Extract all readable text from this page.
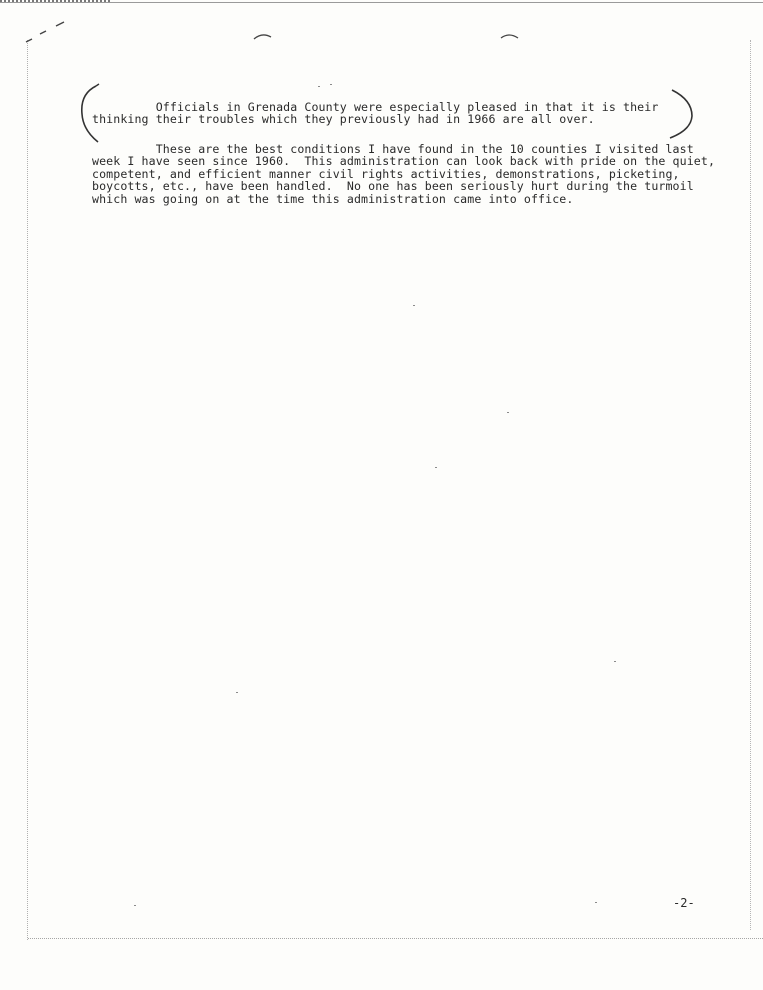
Officials in Grenada County were especially pleased in that it is their
thinking their troubles which they previously had in 1966 are all over.

These are the best conditions I have found in the 10 counties I visited last
week I have seen since 1960.  This administration can look back with pride on the quiet,
competent, and efficient manner civil rights activities, demonstrations, picketing,
boycotts, etc., have been handled.  No one has been seriously hurt during the turmoil
which was going on at the time this administration came into office.

-2-
